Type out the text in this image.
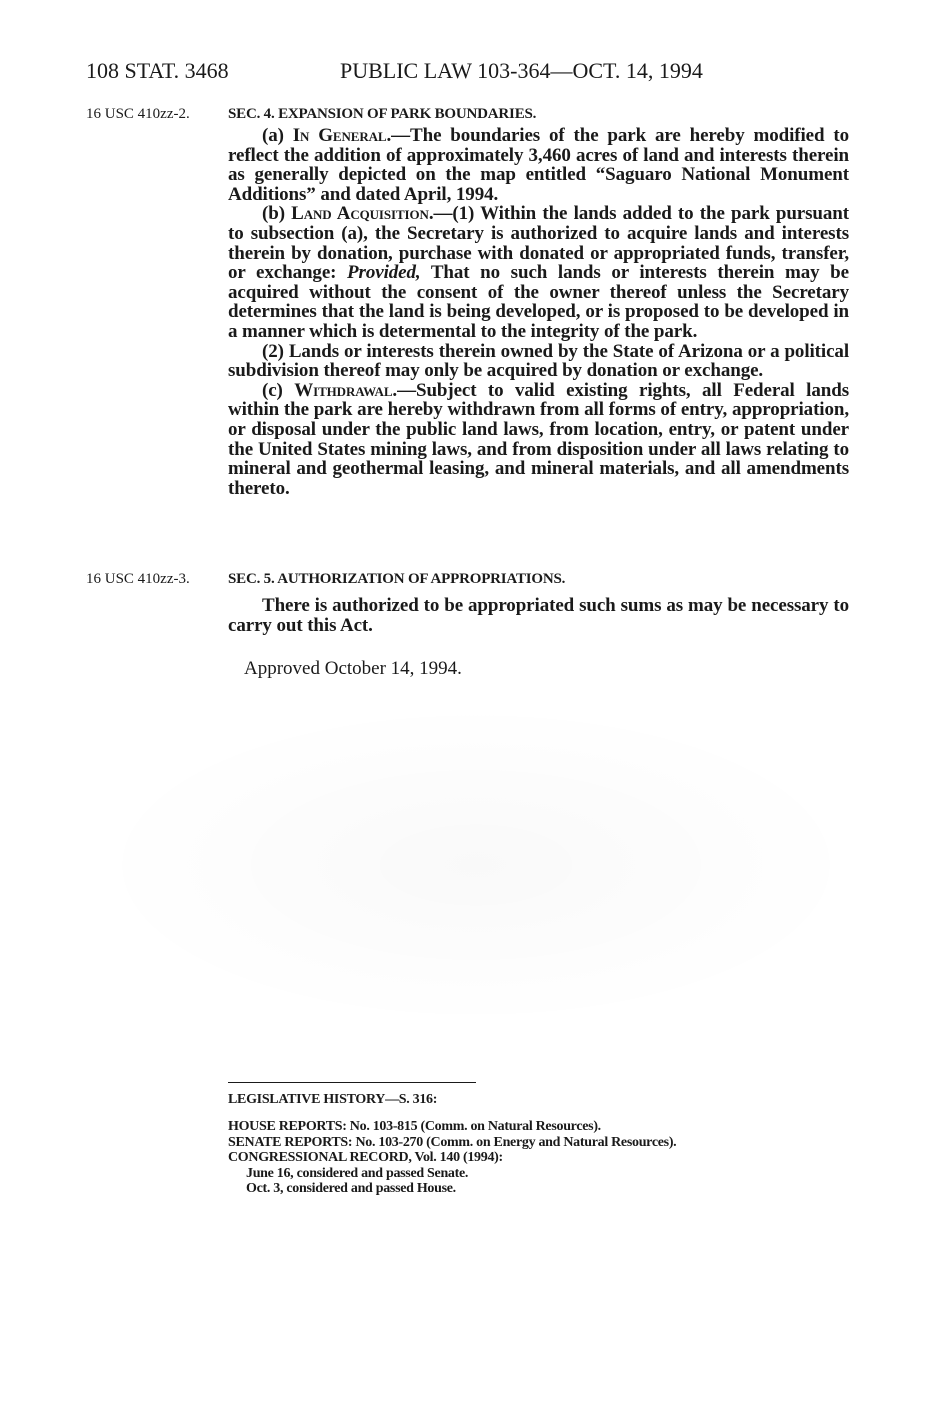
108 STAT. 3468	PUBLIC LAW 103-364—OCT. 14, 1994
16 USC 410zz-2.	SEC. 4. EXPANSION OF PARK BOUNDARIES.

(a) In General.—The boundaries of the park are hereby modified to reflect the addition of approximately 3,460 acres of land and interests therein as generally depicted on the map entitled “Saguaro National Monument Additions” and dated April, 1994.

(b) Land Acquisition.—(1) Within the lands added to the park pursuant to subsection (a), the Secretary is authorized to acquire lands and interests therein by donation, purchase with donated or appropriated funds, transfer, or exchange: Provided, That no such lands or interests therein may be acquired without the consent of the owner thereof unless the Secretary determines that the land is being developed, or is proposed to be developed in a manner which is determental to the integrity of the park.

(2) Lands or interests therein owned by the State of Arizona or a political subdivision thereof may only be acquired by donation or exchange.

(c) Withdrawal.—Subject to valid existing rights, all Federal lands within the park are hereby withdrawn from all forms of entry, appropriation, or disposal under the public land laws, from location, entry, or patent under the United States mining laws, and from disposition under all laws relating to mineral and geothermal leasing, and mineral materials, and all amendments thereto.

16 USC 410zz-3.	SEC. 5. AUTHORIZATION OF APPROPRIATIONS.

There is authorized to be appropriated such sums as may be necessary to carry out this Act.

Approved October 14, 1994.
LEGISLATIVE HISTORY—S. 316:
HOUSE REPORTS: No. 103-815 (Comm. on Natural Resources).
SENATE REPORTS: No. 103-270 (Comm. on Energy and Natural Resources).
CONGRESSIONAL RECORD, Vol. 140 (1994):
June 16, considered and passed Senate.
Oct. 3, considered and passed House.
